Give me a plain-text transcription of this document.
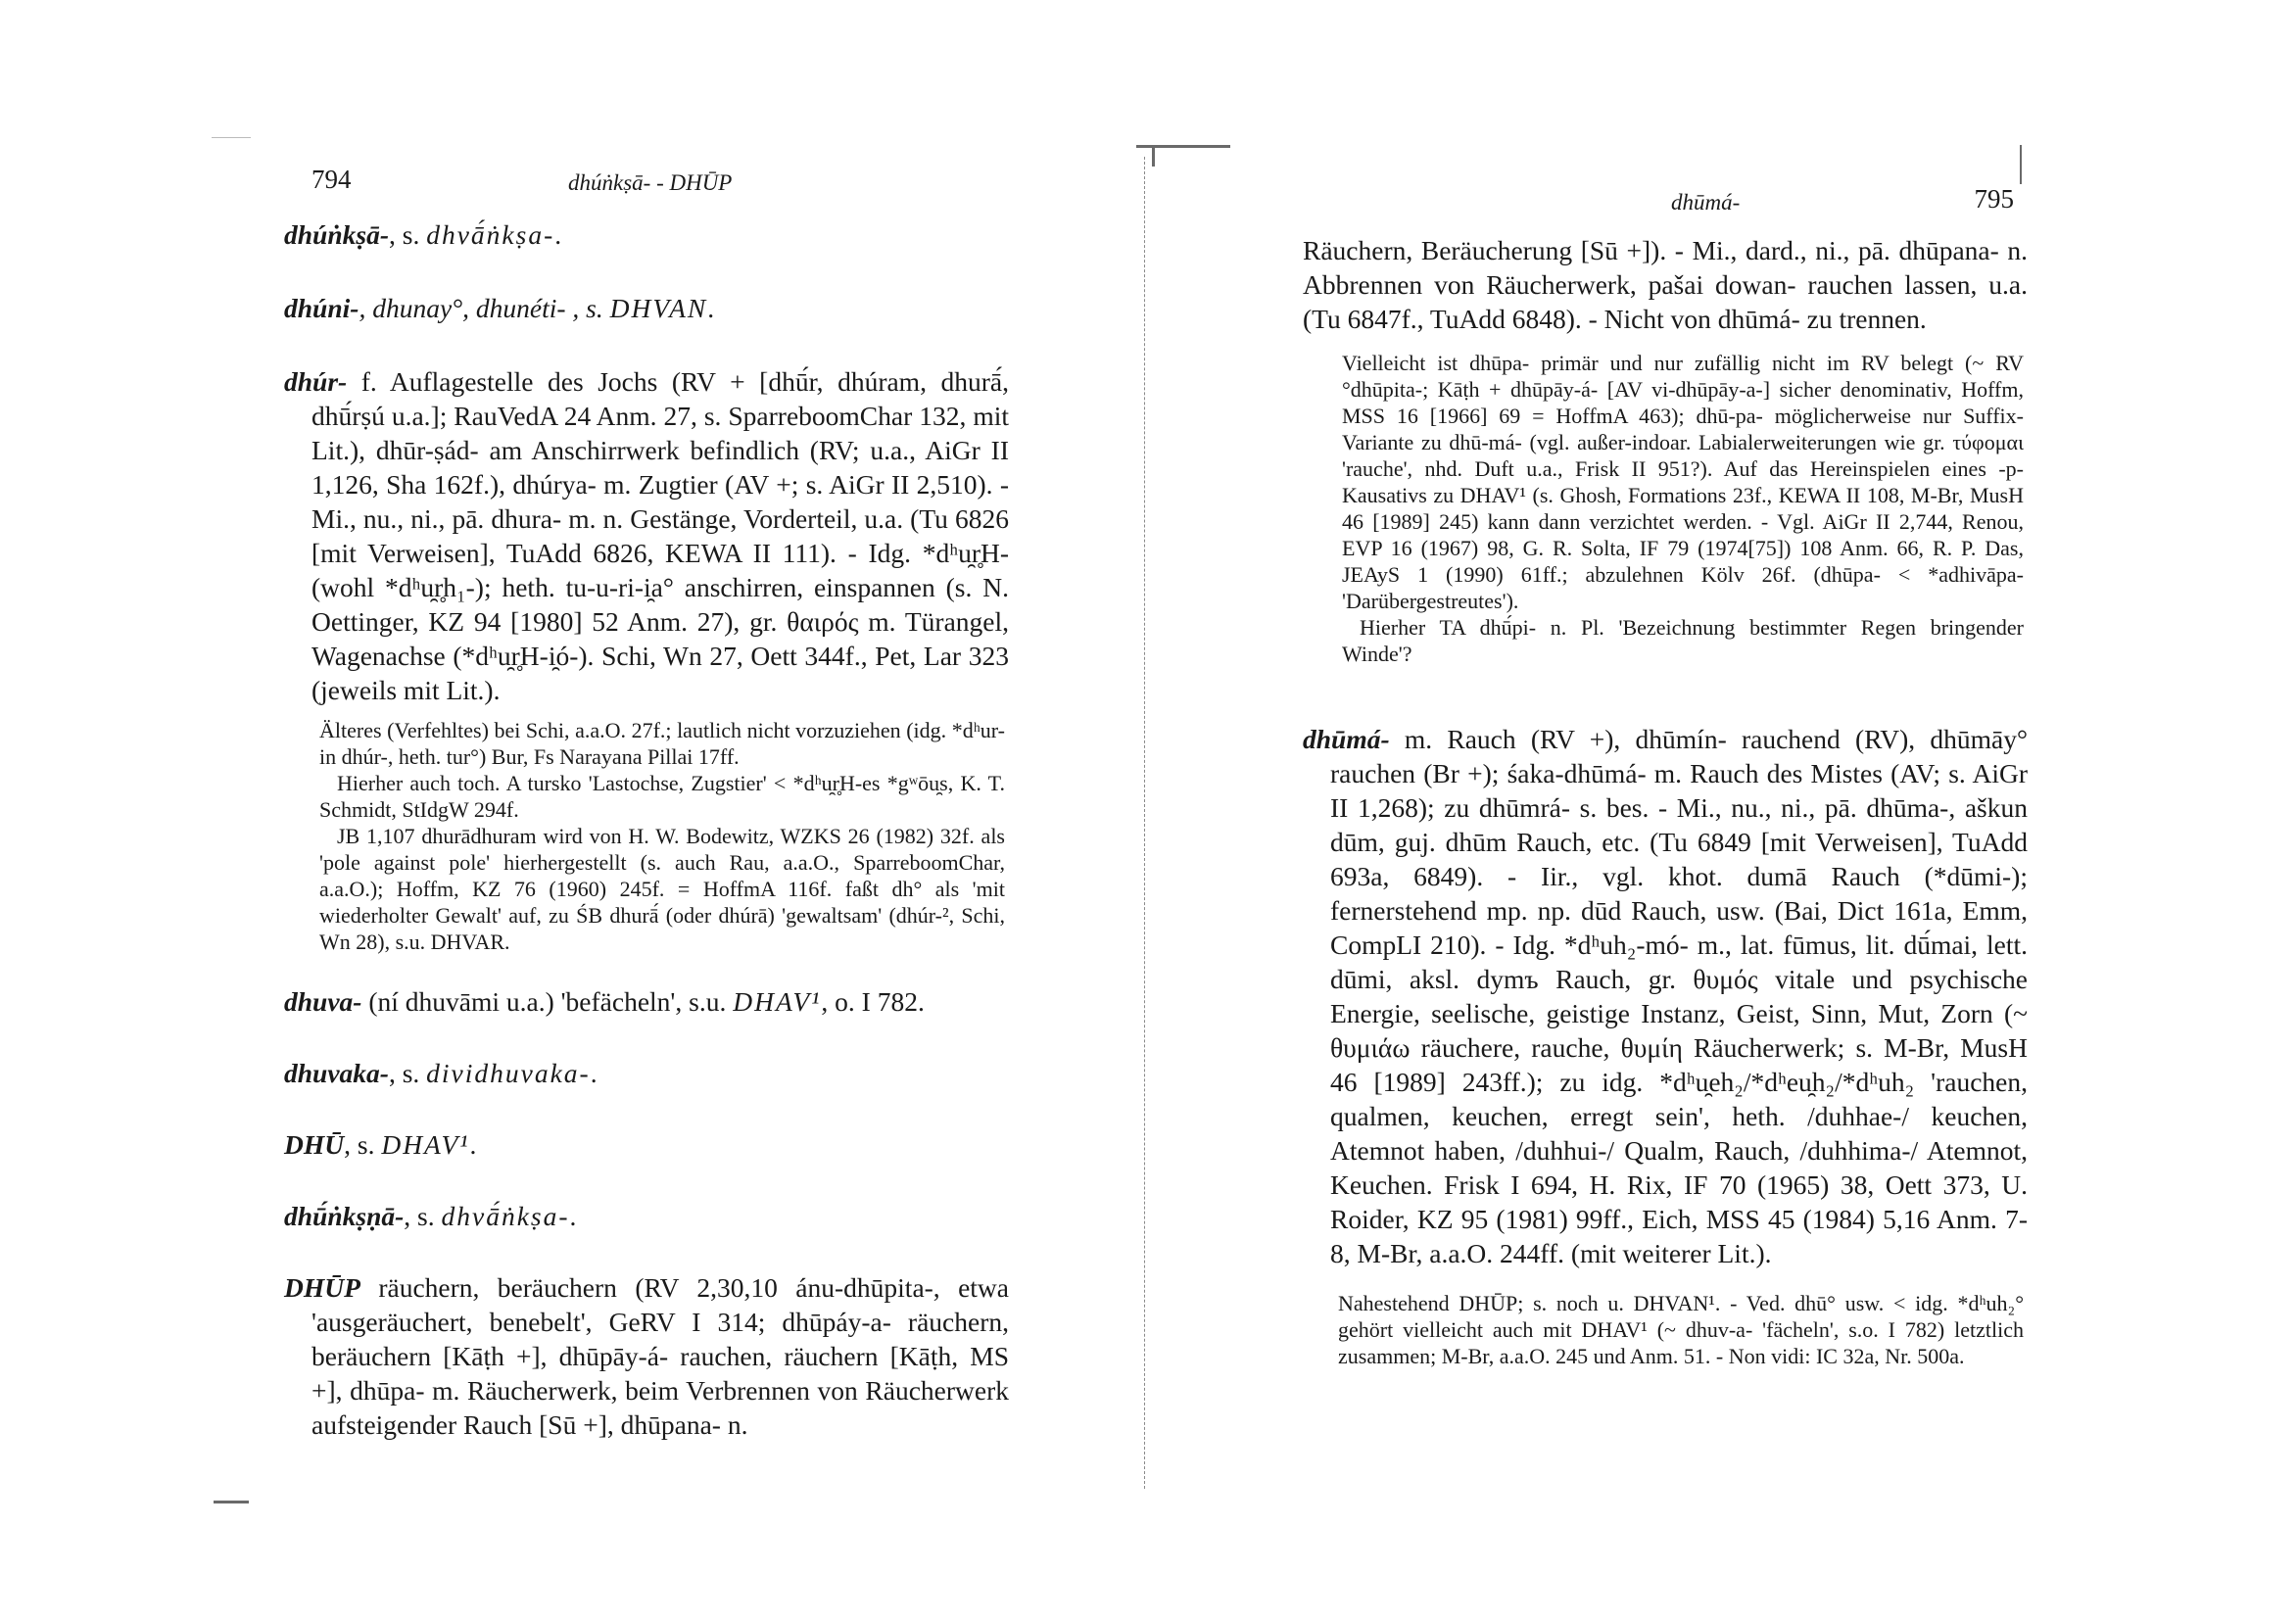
794	dhúṅkṣā- - DHŪP
dhúṅkṣā-, s. dhvā́ṅkṣa-.
dhúni-, dhunay°, dhunéti- , s. DHVAN.
dhúr- f. Auflagestelle des Jochs (RV + [dhū́r, dhúram, dhurā́, dhū́rṣú u.a.]; RauVedA 24 Anm. 27, s. SparreboomChar 132, mit Lit.), dhūr-ṣád- am Anschirrwerk befindlich (RV; u.a., AiGr II 1,126, Sha 162f.), dhúrya- m. Zugtier (AV +; s. AiGr II 2,510). - Mi., nu., ni., pā. dhura- m. n. Gestänge, Vorderteil, u.a. (Tu 6826 [mit Verweisen], TuAdd 6826, KEWA II 111). - Idg. *dʰu̯r̥H- (wohl *dʰu̯r̥h₁-); heth. tu-u-ri-i̯a° anschirren, einspannen (s. N. Oettinger, KZ 94 [1980] 52 Anm. 27), gr. θαιρός m. Türangel, Wagenachse (*dʰu̯r̥H-i̯ó-). Schi, Wn 27, Oett 344f., Pet, Lar 323 (jeweils mit Lit.).

Älteres (Verfehltes) bei Schi, a.a.O. 27f.; lautlich nicht vorzuziehen (idg. *dʰur- in dhúr-, heth. tur°) Bur, Fs Narayana Pillai 17ff.

Hierher auch toch. A tursko 'Lastochse, Zugstier' < *dʰu̯r̥H-es *gʷōu̯s, K. T. Schmidt, StIdgW 294f.

JB 1,107 dhurādhuram wird von H. W. Bodewitz, WZKS 26 (1982) 32f. als 'pole against pole' hierhergestellt (s. auch Rau, a.a.O., SparreboomChar, a.a.O.); Hoffm, KZ 76 (1960) 245f. = HoffmA 116f. faßt dh° als 'mit wiederholter Gewalt' auf, zu ŚB dhurā́ (oder dhúrā) 'gewaltsam' (dhúr-², Schi, Wn 28), s.u. DHVAR.

dhuva- (ní dhuvāmi u.a.) 'befächeln', s.u. DHAV¹, o. I 782.
dhuvaka-, s. dividhuvaka-.
DHŪ, s. DHAV¹.
dhū́ṅkṣṇā-, s. dhvā́ṅkṣa-.
DHŪP räuchern, beräuchern (RV 2,30,10 ánu-dhūpita-, etwa 'ausgeräuchert, benebelt', GeRV I 314; dhūpáy-a- räuchern, beräuchern [Kāṭh +], dhūpāy-á- rauchen, räuchern [Kāṭh, MS +], dhūpa- m. Räucherwerk, beim Verbrennen von Räucherwerk aufsteigender Rauch [Sū +], dhūpana- n.
dhūmá-	795
Räuchern, Beräucherung [Sū +]). - Mi., dard., ni., pā. dhūpana- n. Abbrennen von Räucherwerk, pašai dowan- rauchen lassen, u.a. (Tu 6847f., TuAdd 6848). - Nicht von dhūmá- zu trennen.

Vielleicht ist dhūpa- primär und nur zufällig nicht im RV belegt (~ RV °dhūpita-; Kāṭh + dhūpāy-á- [AV vi-dhūpāy-a-] sicher denominativ, Hoffm, MSS 16 [1966] 69 = HoffmA 463); dhū-pa- möglicherweise nur Suffix-Variante zu dhū-má- (vgl. außer-indoar. Labialerweiterungen wie gr. τύφομαι 'rauche', nhd. Duft u.a., Frisk II 951?). Auf das Hereinspielen eines -p-Kausativs zu DHAV¹ (s. Ghosh, Formations 23f., KEWA II 108, M-Br, MusH 46 [1989] 245) kann dann verzichtet werden. - Vgl. AiGr II 2,744, Renou, EVP 16 (1967) 98, G. R. Solta, IF 79 (1974[75]) 108 Anm. 66, R. P. Das, JEAyS 1 (1990) 61ff.; abzulehnen Kölv 26f. (dhūpa- < *adhivāpa- 'Darübergestreutes').

Hierher TA dhū́pi- n. Pl. 'Bezeichnung bestimmter Regen bringender Winde'?

dhūmá- m. Rauch (RV +), dhūmín- rauchend (RV), dhūmāy° rauchen (Br +); śaka-dhūmá- m. Rauch des Mistes (AV; s. AiGr II 1,268); zu dhūmrá- s. bes. - Mi., nu., ni., pā. dhūma-, aškun dūm, guj. dhūm Rauch, etc. (Tu 6849 [mit Verweisen], TuAdd 693a, 6849). - Iir., vgl. khot. dumā Rauch (*dūmi-); fernerstehend mp. np. dūd Rauch, usw. (Bai, Dict 161a, Emm, CompLI 210). - Idg. *dʰuh₂-mó- m., lat. fūmus, lit. dū́mai, lett. dūmi, aksl. dymъ Rauch, gr. θυμός vitale und psychische Energie, seelische, geistige Instanz, Geist, Sinn, Mut, Zorn (~ θυμιάω räuchere, rauche, θυμίη Räucherwerk; s. M-Br, MusH 46 [1989] 243ff.); zu idg. *dʰu̯eh₂/*dʰeu̯h₂/*dʰuh₂ 'rauchen, qualmen, keuchen, erregt sein', heth. /duhhae-/ keuchen, Atemnot haben, /duhhui-/ Qualm, Rauch, /duhhima-/ Atemnot, Keuchen. Frisk I 694, H. Rix, IF 70 (1965) 38, Oett 373, U. Roider, KZ 95 (1981) 99ff., Eich, MSS 45 (1984) 5,16 Anm. 7-8, M-Br, a.a.O. 244ff. (mit weiterer Lit.).

Nahestehend DHŪP; s. noch u. DHVAN¹. - Ved. dhū° usw. < idg. *dʰuh₂° gehört vielleicht auch mit DHAV¹ (~ dhuv-a- 'fächeln', s.o. I 782) letztlich zusammen; M-Br, a.a.O. 245 und Anm. 51. - Non vidi: IC 32a, Nr. 500a.
